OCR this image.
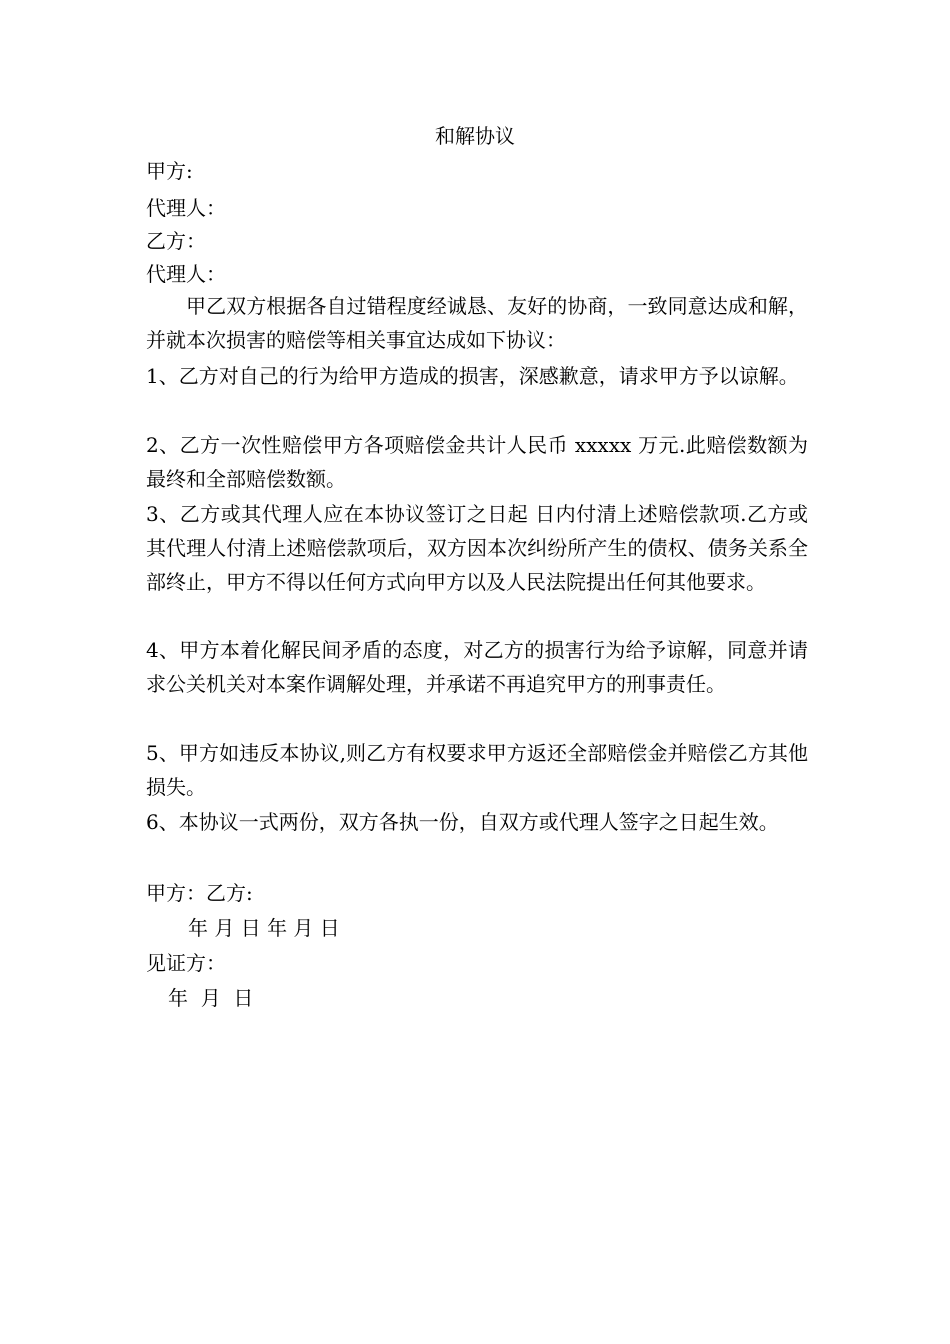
和解协议
甲方:
代理人：
乙方：
代理人：
甲乙双方根据各自过错程度经诚恳、友好的协商，一致同意达成和解，并就本次损害的赔偿等相关事宜达成如下协议：
1、乙方对自己的行为给甲方造成的损害，深感歉意，请求甲方予以谅解。
2、乙方一次性赔偿甲方各项赔偿金共计人民币 xxxxx 万元.此赔偿数额为最终和全部赔偿数额。
3、乙方或其代理人应在本协议签订之日起 日内付清上述赔偿款项.乙方或其代理人付清上述赔偿款项后，双方因本次纠纷所产生的债权、债务关系全部终止，甲方不得以任何方式向甲方以及人民法院提出任何其他要求。
4、甲方本着化解民间矛盾的态度，对乙方的损害行为给予谅解，同意并请求公关机关对本案作调解处理，并承诺不再追究甲方的刑事责任。
5、甲方如违反本协议,则乙方有权要求甲方返还全部赔偿金并赔偿乙方其他损失。
6、本协议一式两份，双方各执一份，自双方或代理人签字之日起生效。
甲方：乙方:
年 月 日 年 月 日
见证方：
年  月  日
